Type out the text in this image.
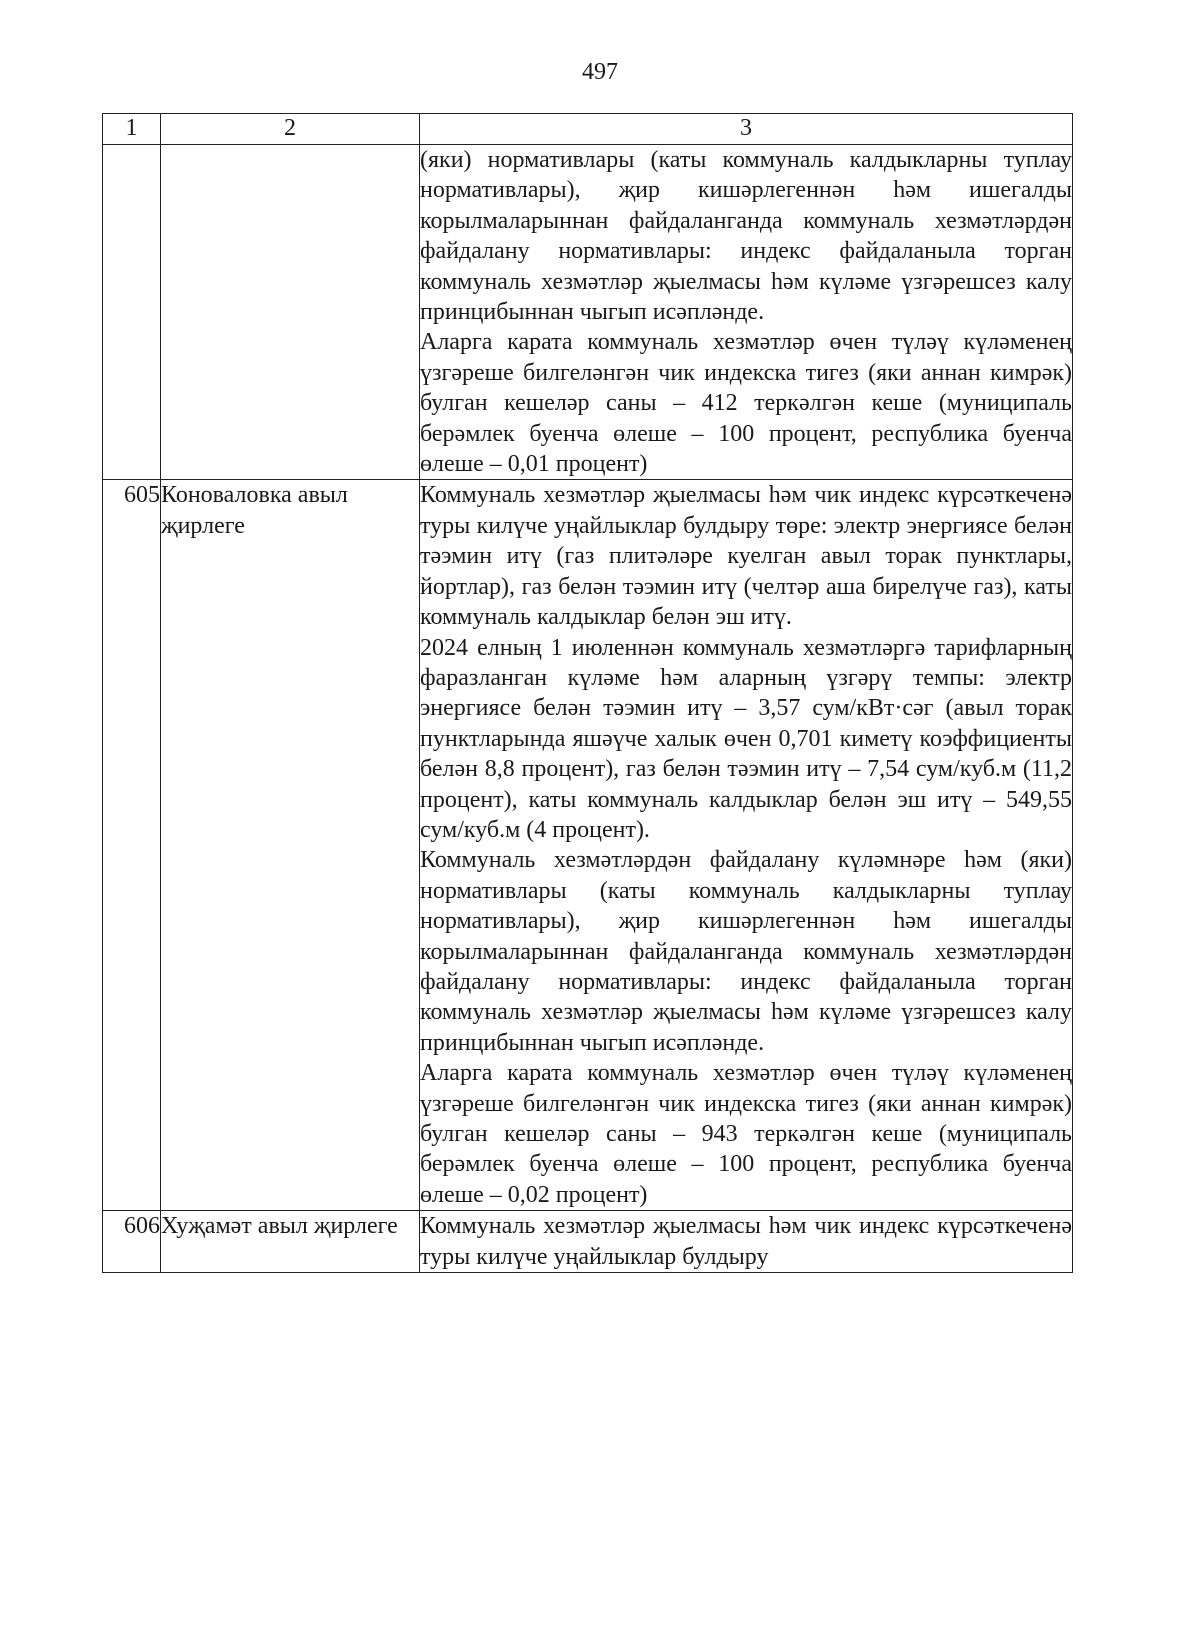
497
1	2	3

		(яки) нормативлары (каты коммуналь калдыкларны туплау нормативлары), җир кишәрлегеннән һәм ишегалды корылмаларыннан файдаланганда коммуналь хезмәтләрдән файдалану нормативлары: индекс файдаланыла торган коммуналь хезмәтләр җыелмасы һәм күләме үзгәрешсез калу принцибыннан чыгып исәпләнде.
Аларга карата коммуналь хезмәтләр өчен түләү күләменең үзгәреше билгеләнгән чик индекска тигез (яки аннан кимрәк) булган кешеләр саны – 412 теркәлгән кеше (муниципаль берәмлек буенча өлеше – 100 процент, республика буенча өлеше – 0,01 процент)

605	Коноваловка авыл җирлеге	Коммуналь хезмәтләр җыелмасы һәм чик индекс күрсәткеченә туры килүче уңайлыклар булдыру төре: электр энергиясе белән тәэмин итү (газ плитәләре куелган авыл торак пунктлары, йортлар), газ белән тәэмин итү (челтәр аша бирелүче газ), каты коммуналь калдыклар белән эш итү.
2024 елның 1 июленнән коммуналь хезмәтләргә тарифларның фаразланган күләме һәм аларның үзгәрү темпы: электр энергиясе белән тәэмин итү – 3,57 сум/кВт·сәг (авыл торак пунктларында яшәүче халык өчен 0,701 киметү коэффициенты белән 8,8 процент), газ белән тәэмин итү – 7,54 сум/куб.м (11,2 процент), каты коммуналь калдыклар белән эш итү – 549,55 сум/куб.м (4 процент).
Коммуналь хезмәтләрдән файдалану күләмнәре һәм (яки) нормативлары (каты коммуналь калдыкларны туплау нормативлары), җир кишәрлегеннән һәм ишегалды корылмаларыннан файдаланганда коммуналь хезмәтләрдән файдалану нормативлары: индекс файдаланыла торган коммуналь хезмәтләр җыелмасы һәм күләме үзгәрешсез калу принцибыннан чыгып исәпләнде.
Аларга карата коммуналь хезмәтләр өчен түләү күләменең үзгәреше билгеләнгән чик индекска тигез (яки аннан кимрәк) булган кешеләр саны – 943 теркәлгән кеше (муниципаль берәмлек буенча өлеше – 100 процент, республика буенча өлеше – 0,02 процент)

606	Хуҗамәт авыл җирлеге	Коммуналь хезмәтләр җыелмасы һәм чик индекс күрсәткеченә туры килүче уңайлыклар булдыру
